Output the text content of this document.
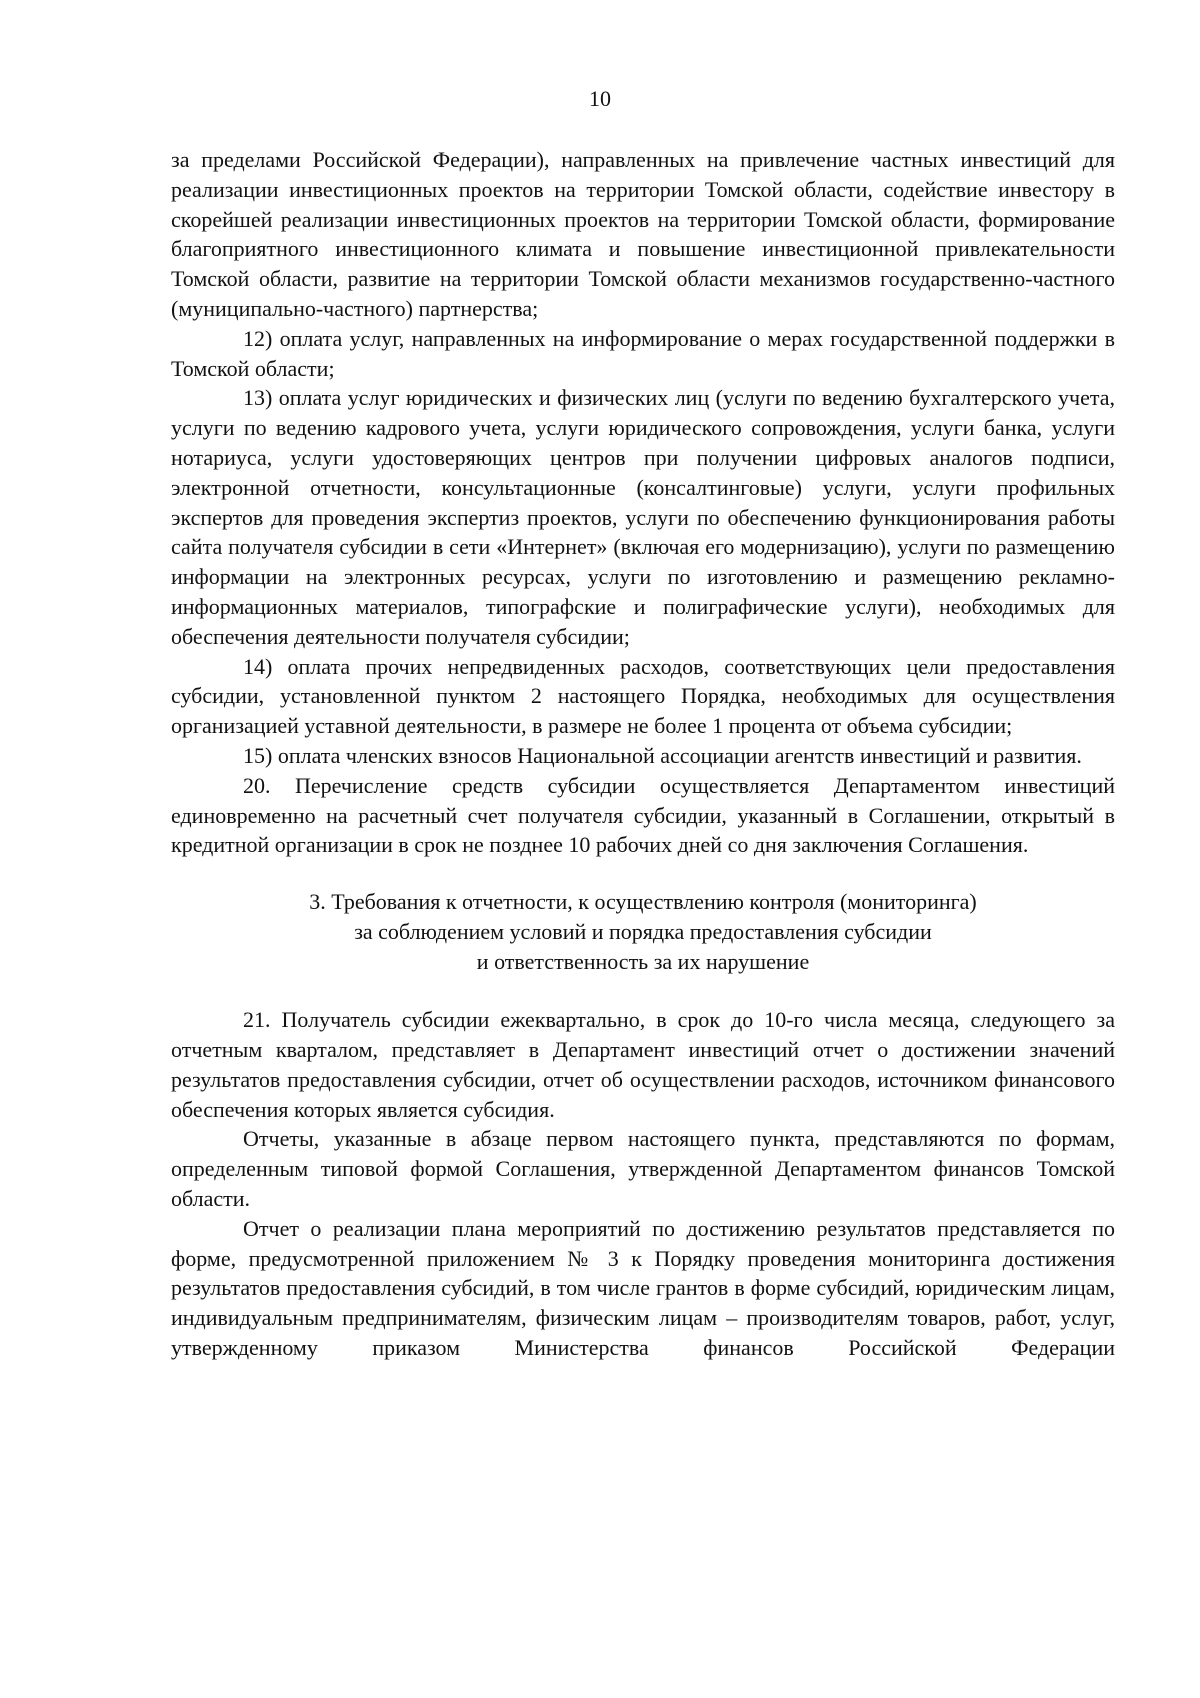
10

за пределами Российской Федерации), направленных на привлечение частных инвестиций для реализации инвестиционных проектов на территории Томской области, содействие инвестору в скорейшей реализации инвестиционных проектов на территории Томской области, формирование благоприятного инвестиционного климата и повышение инвестиционной привлекательности Томской области, развитие на территории Томской области механизмов государственно-частного (муниципально-частного) партнерства;

12) оплата услуг, направленных на информирование о мерах государственной поддержки в Томской области;

13) оплата услуг юридических и физических лиц (услуги по ведению бухгалтерского учета, услуги по ведению кадрового учета, услуги юридического сопровождения, услуги банка, услуги нотариуса, услуги удостоверяющих центров при получении цифровых аналогов подписи, электронной отчетности, консультационные (консалтинговые) услуги, услуги профильных экспертов для проведения экспертиз проектов, услуги по обеспечению функционирования работы сайта получателя субсидии в сети «Интернет» (включая его модернизацию), услуги по размещению информации на электронных ресурсах, услуги по изготовлению и размещению рекламно-информационных материалов, типографские и полиграфические услуги), необходимых для обеспечения деятельности получателя субсидии;

14) оплата прочих непредвиденных расходов, соответствующих цели предоставления субсидии, установленной пунктом 2 настоящего Порядка, необходимых для осуществления организацией уставной деятельности, в размере не более 1 процента от объема субсидии;

15) оплата членских взносов Национальной ассоциации агентств инвестиций и развития.

20. Перечисление средств субсидии осуществляется Департаментом инвестиций единовременно на расчетный счет получателя субсидии, указанный в Соглашении, открытый в кредитной организации в срок не позднее 10 рабочих дней со дня заключения Соглашения.

3. Требования к отчетности, к осуществлению контроля (мониторинга)
за соблюдением условий и порядка предоставления субсидии
и ответственность за их нарушение

21. Получатель субсидии ежеквартально, в срок до 10-го числа месяца, следующего за отчетным кварталом, представляет в Департамент инвестиций отчет о достижении значений результатов предоставления субсидии, отчет об осуществлении расходов, источником финансового обеспечения которых является субсидия.

Отчеты, указанные в абзаце первом настоящего пункта, представляются по формам, определенным типовой формой Соглашения, утвержденной Департаментом финансов Томской области.

Отчет о реализации плана мероприятий по достижению результатов представляется по форме, предусмотренной приложением № 3 к Порядку проведения мониторинга достижения результатов предоставления субсидий, в том числе грантов в форме субсидий, юридическим лицам, индивидуальным предпринимателям, физическим лицам – производителям товаров, работ, услуг, утвержденному приказом Министерства финансов Российской Федерации
